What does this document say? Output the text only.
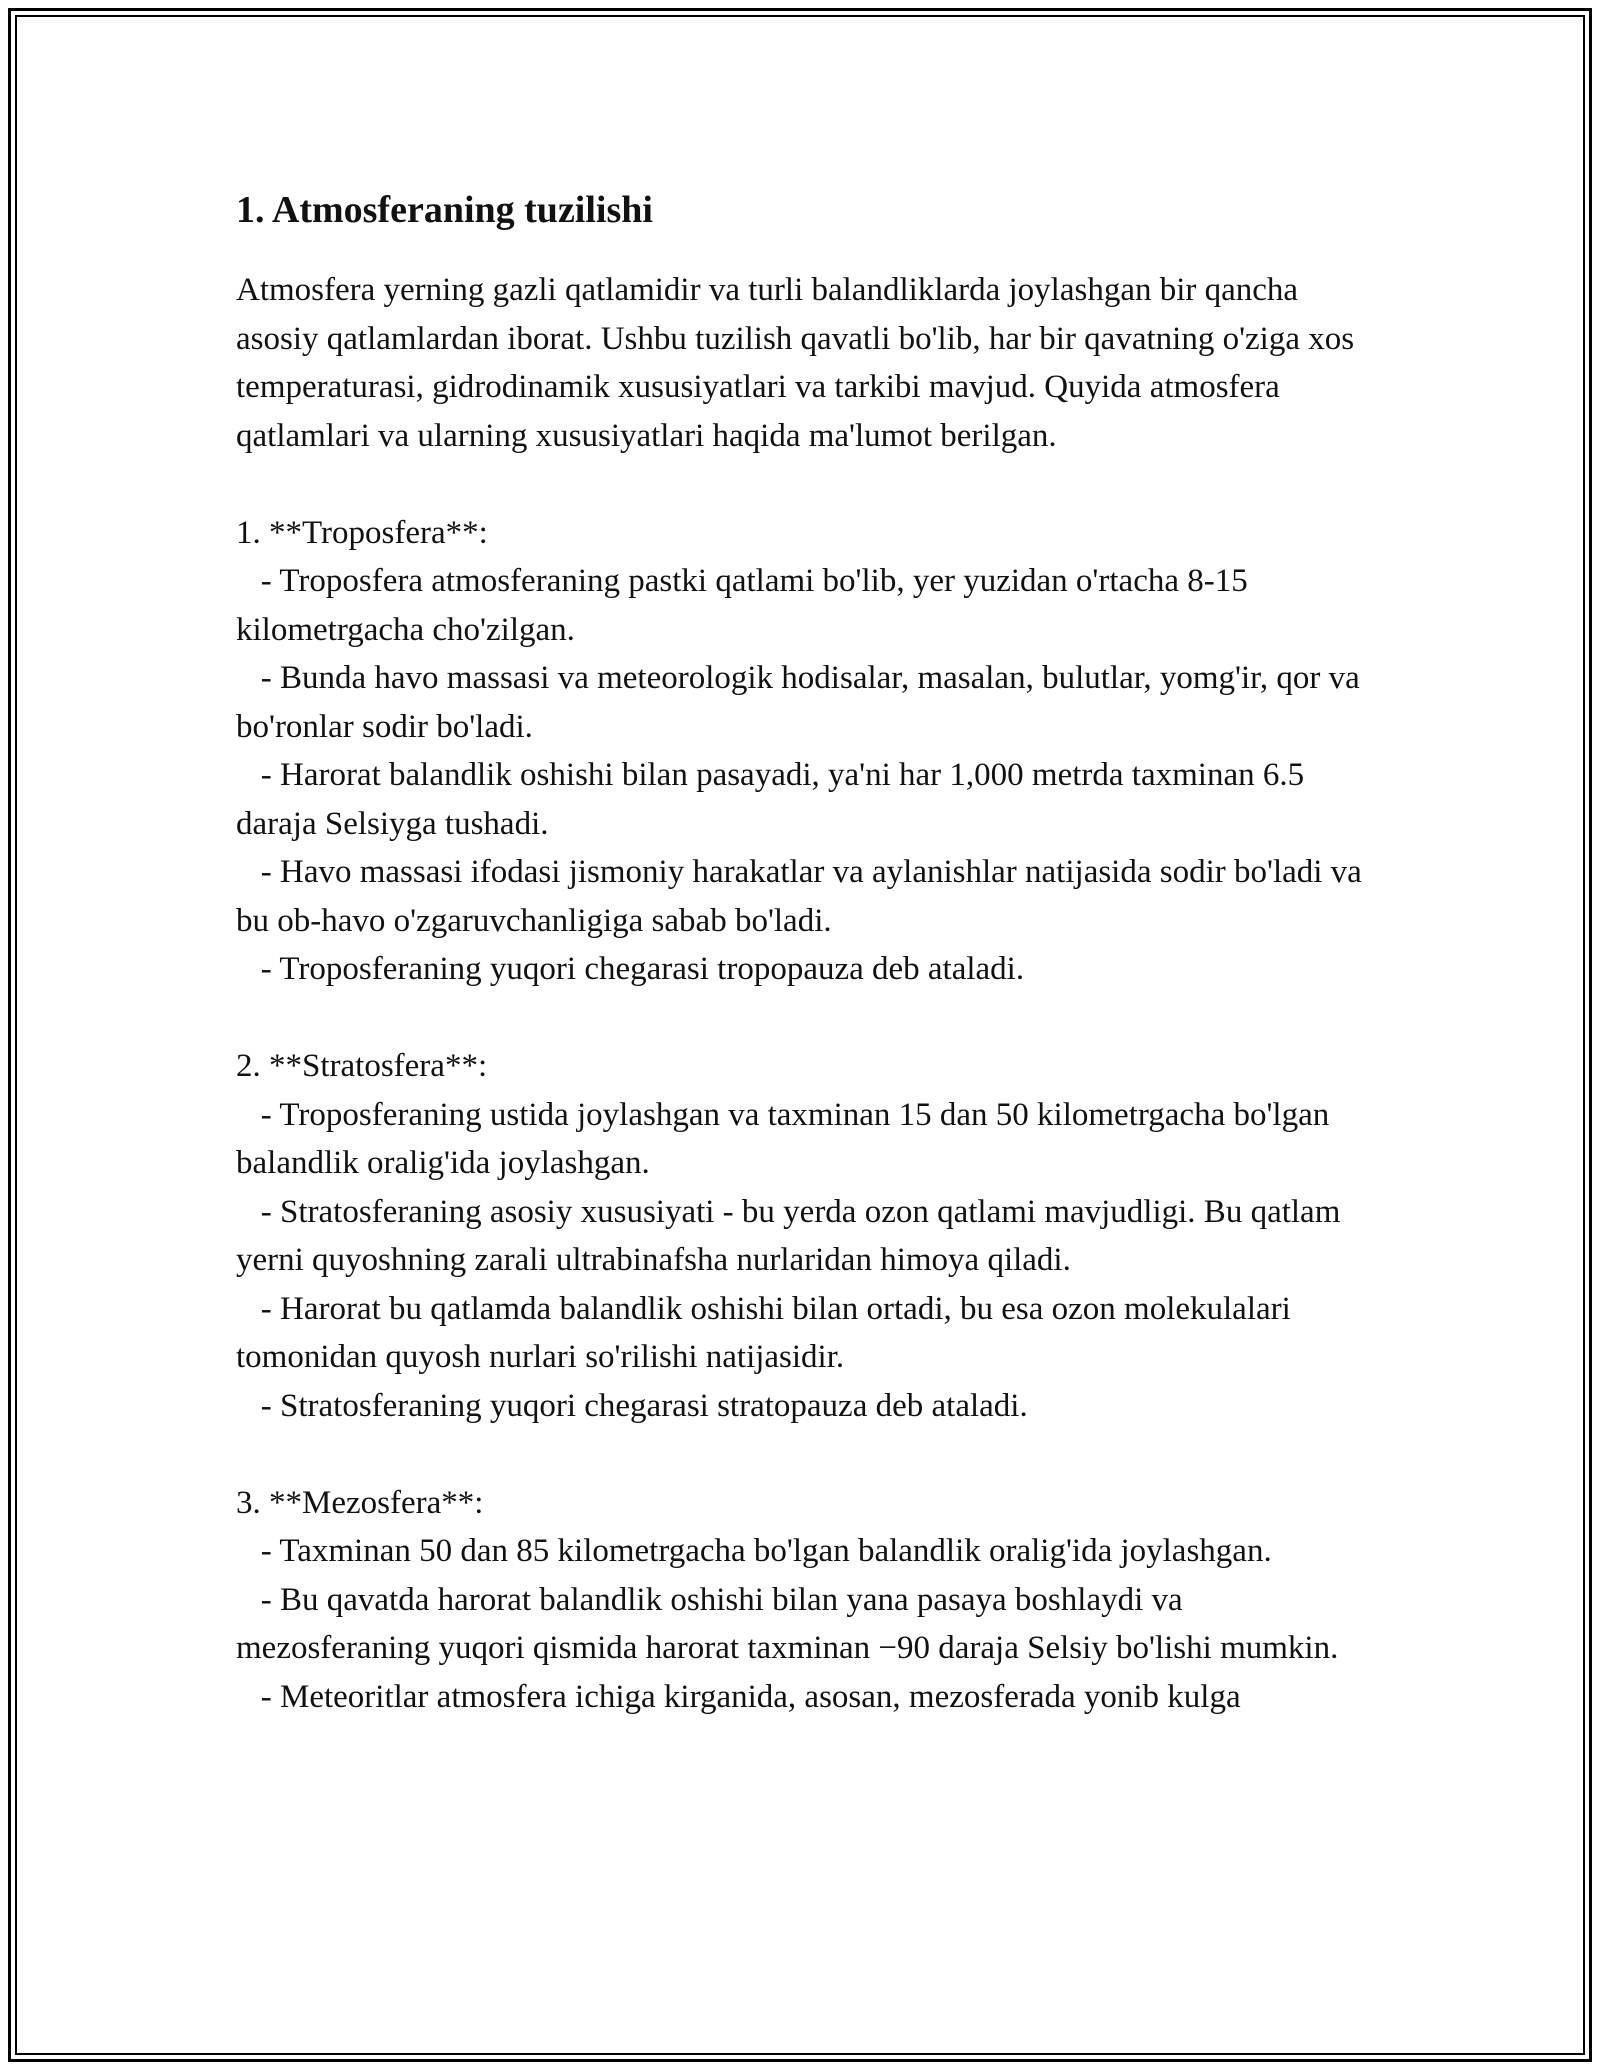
1. Atmosferaning tuzilishi

Atmosfera yerning gazli qatlamidir va turli balandliklarda joylashgan bir qancha asosiy qatlamlardan iborat. Ushbu tuzilish qavatli bo'lib, har bir qavatning o'ziga xos temperaturasi, gidrodinamik xususiyatlari va tarkibi mavjud. Quyida atmosfera qatlamlari va ularning xususiyatlari haqida ma'lumot berilgan.

1. **Troposfera**:

- Troposfera atmosferaning pastki qatlami bo'lib, yer yuzidan o'rtacha 8-15 kilometrgacha cho'zilgan.

- Bunda havo massasi va meteorologik hodisalar, masalan, bulutlar, yomg'ir, qor va bo'ronlar sodir bo'ladi.

- Harorat balandlik oshishi bilan pasayadi, ya'ni har 1,000 metrda taxminan 6.5 daraja Selsiyga tushadi.

- Havo massasi ifodasi jismoniy harakatlar va aylanishlar natijasida sodir bo'ladi va bu ob-havo o'zgaruvchanligiga sabab bo'ladi.

- Troposferaning yuqori chegarasi tropopauza deb ataladi.

2. **Stratosfera**:

- Troposferaning ustida joylashgan va taxminan 15 dan 50 kilometrgacha bo'lgan balandlik oralig'ida joylashgan.

- Stratosferaning asosiy xususiyati - bu yerda ozon qatlami mavjudligi. Bu qatlam yerni quyoshning zarali ultrabinafsha nurlaridan himoya qiladi.

- Harorat bu qatlamda balandlik oshishi bilan ortadi, bu esa ozon molekulalari tomonidan quyosh nurlari so'rilishi natijasidir.

- Stratosferaning yuqori chegarasi stratopauza deb ataladi.

3. **Mezosfera**:

- Taxminan 50 dan 85 kilometrgacha bo'lgan balandlik oralig'ida joylashgan.

- Bu qavatda harorat balandlik oshishi bilan yana pasaya boshlaydi va mezosferaning yuqori qismida harorat taxminan −90 daraja Selsiy bo'lishi mumkin.

- Meteoritlar atmosfera ichiga kirganida, asosan, mezosferada yonib kulga
